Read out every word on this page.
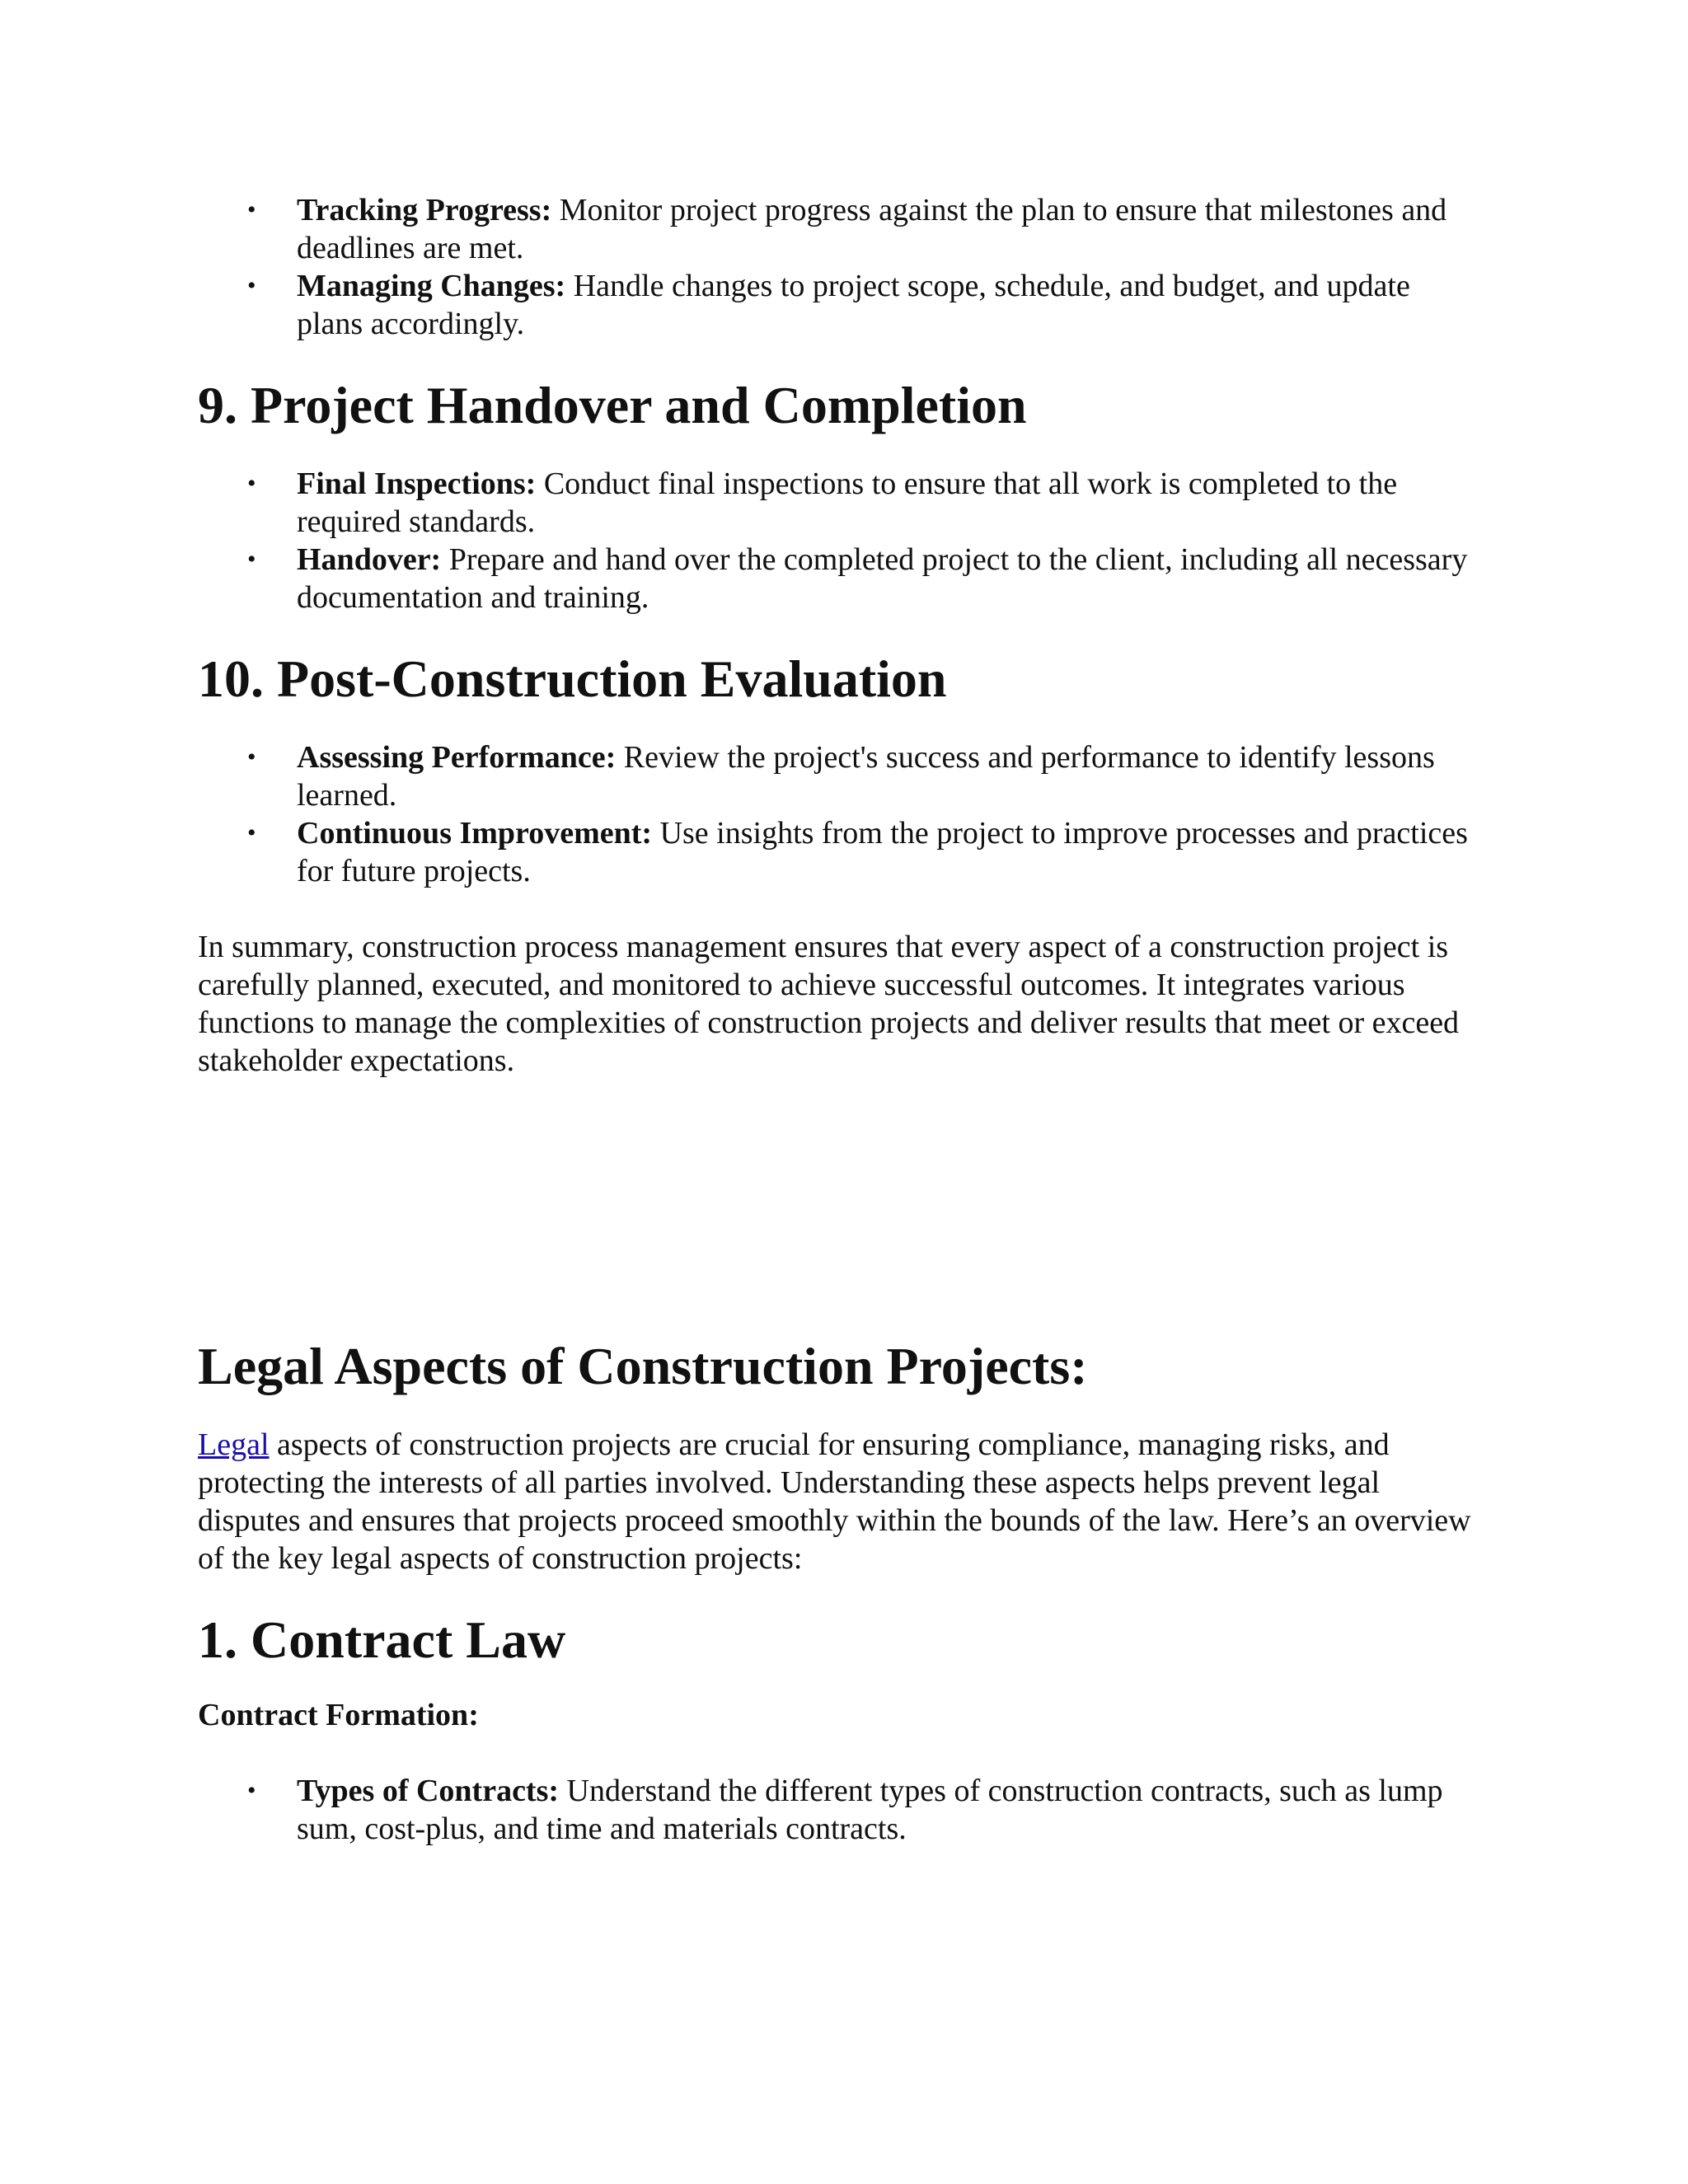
• Tracking Progress: Monitor project progress against the plan to ensure that milestones and deadlines are met.
• Managing Changes: Handle changes to project scope, schedule, and budget, and update plans accordingly.
9. Project Handover and Completion
• Final Inspections: Conduct final inspections to ensure that all work is completed to the required standards.
• Handover: Prepare and hand over the completed project to the client, including all necessary documentation and training.
10. Post-Construction Evaluation
• Assessing Performance: Review the project's success and performance to identify lessons learned.
• Continuous Improvement: Use insights from the project to improve processes and practices for future projects.

In summary, construction process management ensures that every aspect of a construction project is carefully planned, executed, and monitored to achieve successful outcomes. It integrates various functions to manage the complexities of construction projects and deliver results that meet or exceed stakeholder expectations.

Legal Aspects of Construction Projects:

Legal aspects of construction projects are crucial for ensuring compliance, managing risks, and protecting the interests of all parties involved. Understanding these aspects helps prevent legal disputes and ensures that projects proceed smoothly within the bounds of the law. Here’s an overview of the key legal aspects of construction projects:

1. Contract Law

Contract Formation:

• Types of Contracts: Understand the different types of construction contracts, such as lump sum, cost-plus, and time and materials contracts.
